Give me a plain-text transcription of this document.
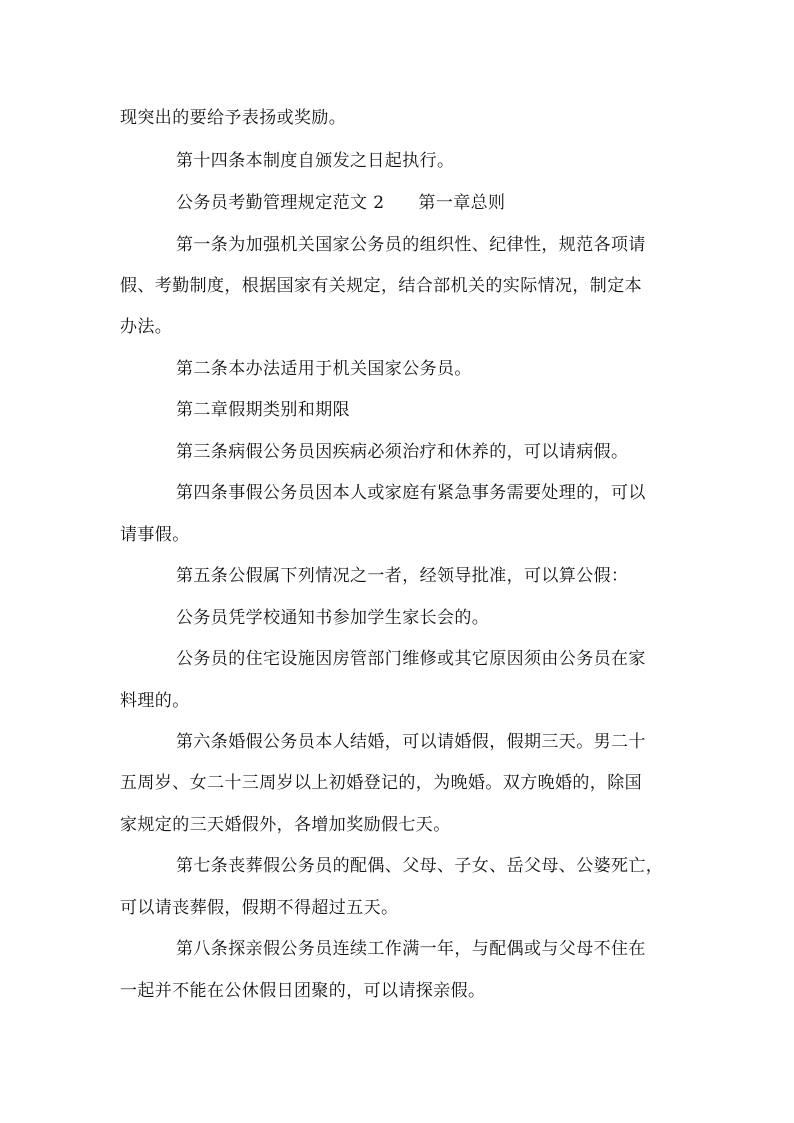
现突出的要给予表扬或奖励。
第十四条本制度自颁发之日起执行。
公务员考勤管理规定范文 2 第一章总则
第一条为加强机关国家公务员的组织性、纪律性，规范各项请
假、考勤制度，根据国家有关规定，结合部机关的实际情况，制定本
办法。
第二条本办法适用于机关国家公务员。
第二章假期类别和期限
第三条病假公务员因疾病必须治疗和休养的，可以请病假。
第四条事假公务员因本人或家庭有紧急事务需要处理的，可以
请事假。
第五条公假属下列情况之一者，经领导批准，可以算公假：
公务员凭学校通知书参加学生家长会的。
公务员的住宅设施因房管部门维修或其它原因须由公务员在家
料理的。
第六条婚假公务员本人结婚，可以请婚假，假期三天。男二十
五周岁、女二十三周岁以上初婚登记的，为晚婚。双方晚婚的，除国
家规定的三天婚假外，各增加奖励假七天。
第七条丧葬假公务员的配偶、父母、子女、岳父母、公婆死亡，
可以请丧葬假，假期不得超过五天。
第八条探亲假公务员连续工作满一年，与配偶或与父母不住在
一起并不能在公休假日团聚的，可以请探亲假。
